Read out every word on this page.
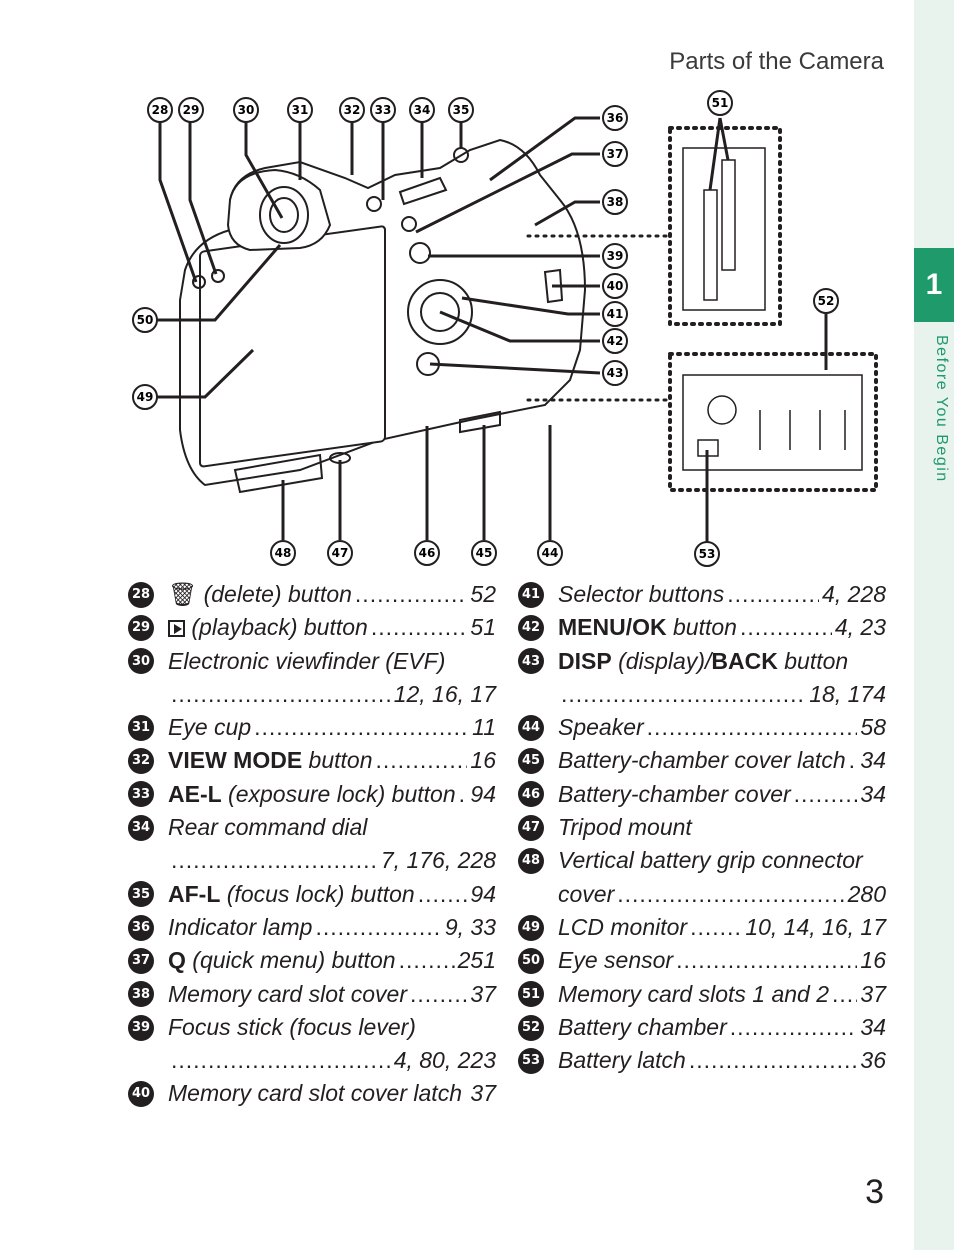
1
Before You Begin
Parts of the Camera
28 29	30	31	32 33 34 35
36
37
38
39
40
41
42
43
44
45
46
47
48
49
50
51
52
53
28 🗑 (delete) button .....	52
29	(playback) button .....	51
30 Electronic viewfinder (EVF)
.....
12, 16, 17
31 Eye cup .....	11
32 VIEW MODE button .....	16
33 AE-L (exposure lock) button ..... 94
34 Rear command dial
.....
7, 176, 228
35 AF-L (focus lock) button ..... 94
36 Indicator lamp .....	9, 33
37 Q (quick menu) button .....	251
38 Memory card slot cover .....	37
39 Focus stick (focus lever)
.....
4, 80, 223
40 Memory card slot cover latch ..... 37
41 Selector buttons .....	4, 228
42 MENU/OK button .....	4, 23
43 DISP (display)/BACK button
.....
18, 174
44 Speaker .....	58
45 Battery-chamber cover latch ..... 34
46 Battery-chamber cover .....	34
47 Tripod mount
48 Vertical battery grip connector
cover .....	280
49 LCD monitor .....	10, 14, 16, 17
50 Eye sensor .....	16
51 Memory card slots 1 and 2 ..... 37
52 Battery chamber .....	34
53 Battery latch .....	36
3
